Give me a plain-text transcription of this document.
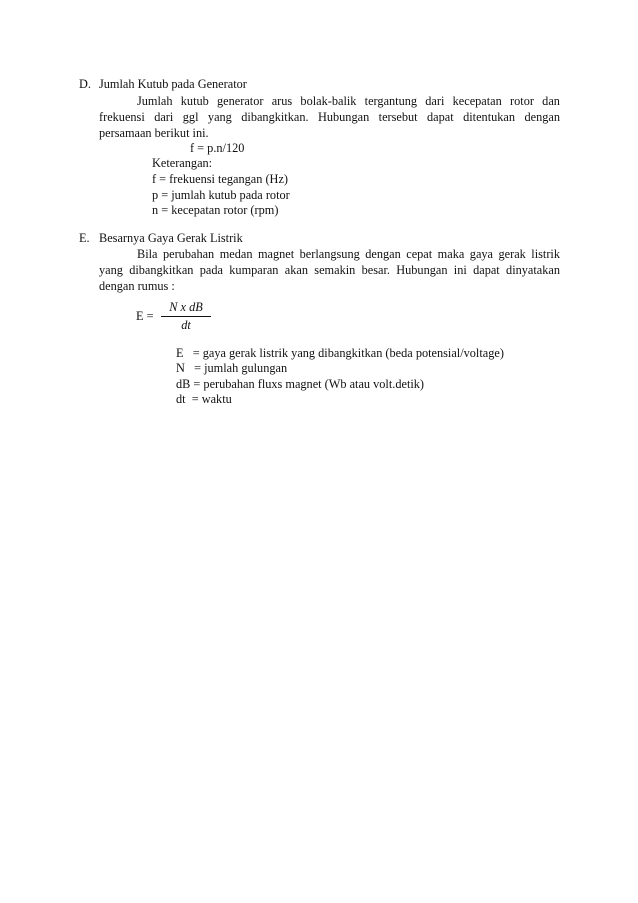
D. Jumlah Kutub pada Generator
Jumlah kutub generator arus bolak-balik tergantung dari kecepatan rotor dan
frekuensi dari ggl yang dibangkitkan. Hubungan tersebut dapat ditentukan dengan
persamaan berikut ini.
f = p.n/120
Keterangan:
f = frekuensi tegangan (Hz)
p = jumlah kutub pada rotor
n = kecepatan rotor (rpm)
E. Besarnya Gaya Gerak Listrik
Bila perubahan medan magnet berlangsung dengan cepat maka gaya gerak listrik
yang dibangkitkan pada kumparan akan semakin besar. Hubungan ini dapat dinyatakan
dengan rumus :
E =
N x dB
dt
E   = gaya gerak listrik yang dibangkitkan (beda potensial/voltage)
N   = jumlah gulungan
dB = perubahan fluxs magnet (Wb atau volt.detik)
dt  = waktu
